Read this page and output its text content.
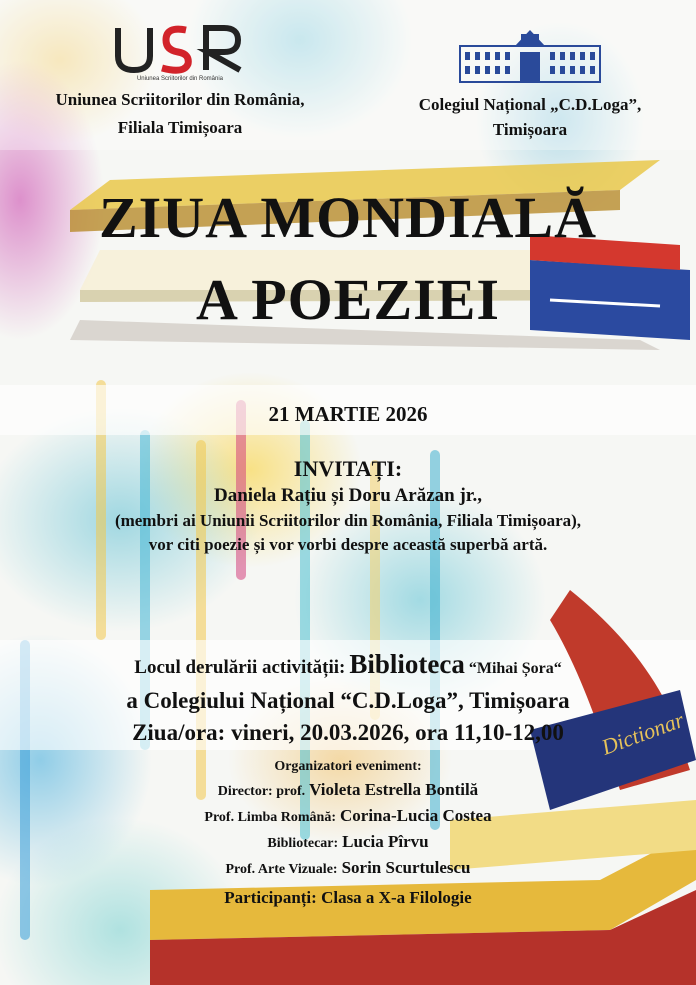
Dictionar
Uniunea Scriitorilor din România
Uniunea Scriitorilor din România,
Filiala Timișoara
Colegiul Național „C.D.Loga”,
Timișoara
ZIUA MONDIALĂ
A POEZIEI
21 MARTIE 2026
INVITAȚI:
Daniela Rațiu și Doru Arăzan jr.,
(membri ai Uniunii Scriitorilor din România, Filiala Timișoara),
vor citi poezie și vor vorbi despre această superbă artă.
Locul derulării activității: Biblioteca “Mihai Șora“
a Colegiului Național “C.D.Loga”, Timișoara
Ziua/ora: vineri, 20.03.2026, ora 11,10-12,00
Organizatori eveniment:
Director: prof. Violeta Estrella Bontilă
Prof. Limba Română: Corina-Lucia Costea
Bibliotecar: Lucia Pîrvu
Prof. Arte Vizuale: Sorin Scurtulescu
Participanți: Clasa a X-a Filologie
